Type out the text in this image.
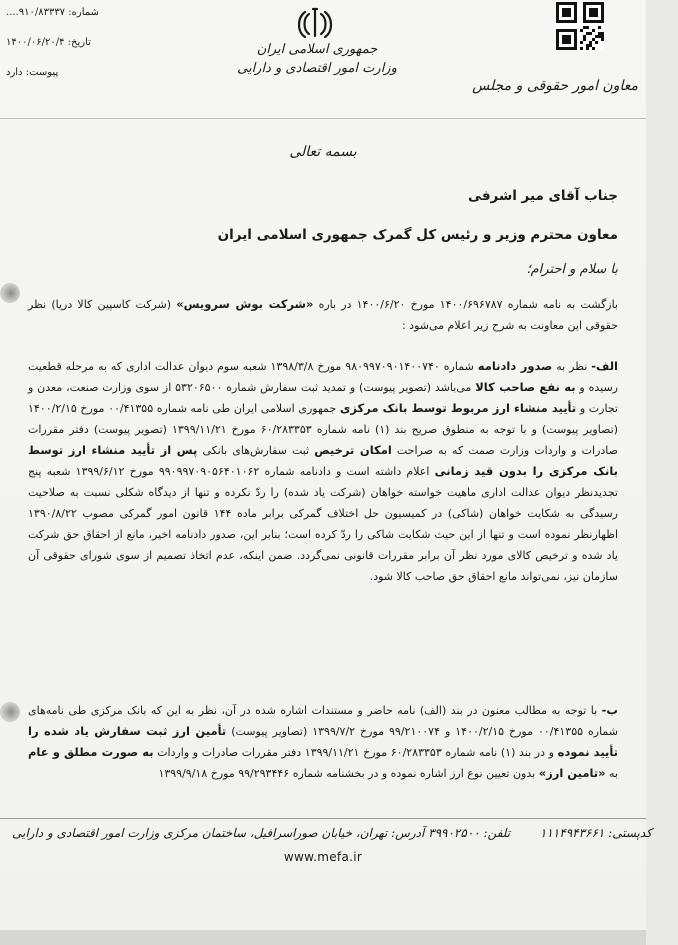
شماره: ۹۱۰/۸۳۳۳۷....
تاریخ: ۱۴۰۰/۰۶/۲۰/۴
پیوست: دارد
جمهوری اسلامی ایران
وزارت امور اقتصادی و دارایی
معاون امور حقوقی و مجلس
بسمه تعالی
جناب آقای میر اشرفی
معاون محترم وزیر و رئیس کل گمرک جمهوری اسلامی ایران
با سلام و احترام؛
بازگشت به نامه شماره ۱۴۰۰/۶۹۶۷۸۷ مورخ ۱۴۰۰/۶/۲۰ در باره «شرکت بوش سرویس» (شرکت کاسپین کالا دریا) نظر حقوقی این معاونت به شرح زیر اعلام می‌شود :
الف- نظر به صدور دادنامه شماره ۹۸۰۹۹۷۰۹۰۱۴۰۰۷۴۰ مورخ ۱۳۹۸/۳/۸ شعبه سوم دیوان عدالت اداری که به مرحله قطعیت رسیده و به نفع صاحب کالا می‌باشد (تصویر پیوست) و تمدید ثبت سفارش شماره ۵۳۲۰۶۵۰۰ از سوی وزارت صنعت، معدن و تجارت و تأیید منشاء ارز مربوط توسط بانک مرکزی جمهوری اسلامی ایران طی نامه شماره ۰۰/۴۱۳۵۵ مورخ ۱۴۰۰/۲/۱۵ (تصاویر پیوست) و با توجه به منطوق صریح بند (۱) نامه شماره ۶۰/۲۸۳۳۵۳ مورخ ۱۳۹۹/۱۱/۲۱ (تصویر پیوست) دفتر مقررات صادرات و واردات وزارت صمت که به صراحت امکان ترخیص ثبت سفارش‌های بانکی پس از تأیید منشاء ارز توسط بانک مرکزی را بدون قید زمانی اعلام داشته است و دادنامه شماره ۹۹۰۹۹۷۰۹۰۵۶۴۰۱۰۶۲ مورخ ۱۳۹۹/۶/۱۲ شعبه پنج تجدیدنظر دیوان عدالت اداری ماهیت خواسته خواهان (شرکت یاد شده) را ردّ نکرده و تنها از دیدگاه شکلی نسبت به صلاحیت رسیدگی به شکایت خواهان (شاکی) در کمیسیون حل اختلاف گمرکی برابر ماده ۱۴۴ قانون امور گمرکی مصوب ۱۳۹۰/۸/۲۲ اظهارنظر نموده است و تنها از این حیث شکایت شاکی را ردّ کرده است؛ بنابر این، صدور دادنامه اخیر، مانع از احقاق حق شرکت یاد شده و ترخیص کالای مورد نظر آن برابر مقررات قانونی نمی‌گردد. ضمن اینکه، عدم اتخاذ تصمیم از سوی شورای حقوقی آن سازمان نیز، نمی‌تواند مانع احقاق حق صاحب کالا شود.
ب- با توجه به مطالب معنون در بند (الف) نامه حاضر و مستندات اشاره شده در آن، نظر به این که بانک مرکزی طی نامه‌های شماره ۰۰/۴۱۳۵۵ مورخ ۱۴۰۰/۲/۱۵ و ۹۹/۲۱۰۰۷۴ مورخ ۱۳۹۹/۷/۲ (تصاویر پیوست) تأمین ارز ثبت سفارش یاد شده را تأیید نموده و در بند (۱) نامه شماره ۶۰/۲۸۳۳۵۳ مورخ ۱۳۹۹/۱۱/۲۱ دفتر مقررات صادرات و واردات به صورت مطلق و عام به «تامین ارز» بدون تعیین نوع ارز اشاره نموده و در بخشنامه شماره ۹۹/۲۹۳۴۴۶ مورخ ۱۳۹۹/۹/۱۸
آدرس: تهران، خیابان صوراسرافیل، ساختمان مرکزی وزارت امور اقتصادی و دارایی تلفن: ۳۹۹۰۲۵۰۰ کدپستی: ۱۱۱۴۹۴۳۶۶۱
www.mefa.ir
